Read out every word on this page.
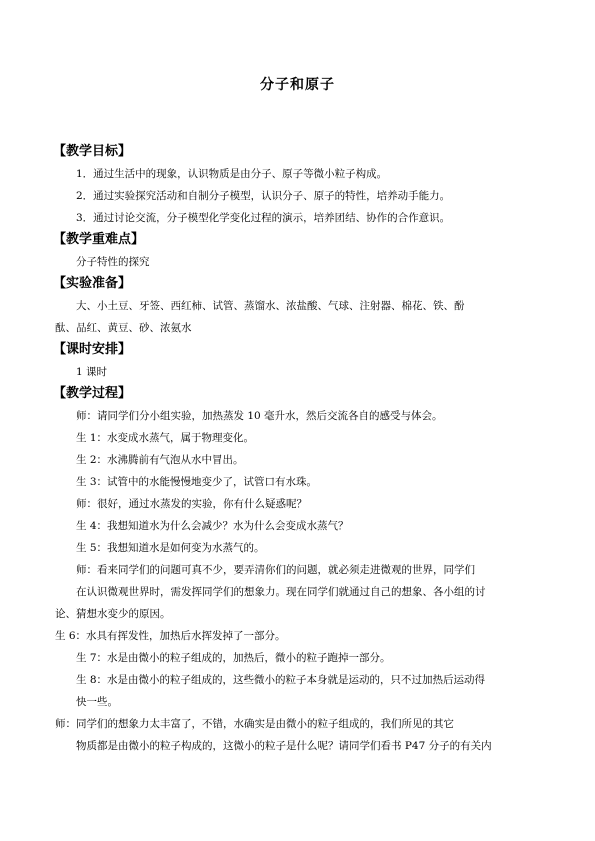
分子和原子
【教学目标】
1．通过生活中的现象，认识物质是由分子、原子等微小粒子构成。
2．通过实验探究活动和自制分子模型，认识分子、原子的特性，培养动手能力。
3．通过讨论交流，分子模型化学变化过程的演示，培养团结、协作的合作意识。
【教学重难点】
分子特性的探究
【实验准备】
大、小土豆、牙签、西红柿、试管、蒸馏水、浓盐酸、气球、注射器、棉花、铁、酚
酞、品红、黄豆、砂、浓氨水
【课时安排】
1 课时
【教学过程】
师：请同学们分小组实验，加热蒸发 10 毫升水，然后交流各自的感受与体会。
生 1：水变成水蒸气，属于物理变化。
生 2：水沸腾前有气泡从水中冒出。
生 3：试管中的水能慢慢地变少了，试管口有水珠。
师：很好，通过水蒸发的实验，你有什么疑惑呢？
生 4：我想知道水为什么会减少？水为什么会变成水蒸气？
生 5：我想知道水是如何变为水蒸气的。
师：看来同学们的问题可真不少，要弄清你们的问题，就必须走进微观的世界，同学们
在认识微观世界时，需发挥同学们的想象力。现在同学们就通过自己的想象、各小组的讨
论、猜想水变少的原因。
生 6：水具有挥发性，加热后水挥发掉了一部分。
生 7：水是由微小的粒子组成的，加热后，微小的粒子跑掉一部分。
生 8：水是由微小的粒子组成的，这些微小的粒子本身就是运动的，只不过加热后运动得
快一些。
师：同学们的想象力太丰富了，不错，水确实是由微小的粒子组成的，我们所见的其它
物质都是由微小的粒子构成的，这微小的粒子是什么呢？请同学们看书 P47 分子的有关内
